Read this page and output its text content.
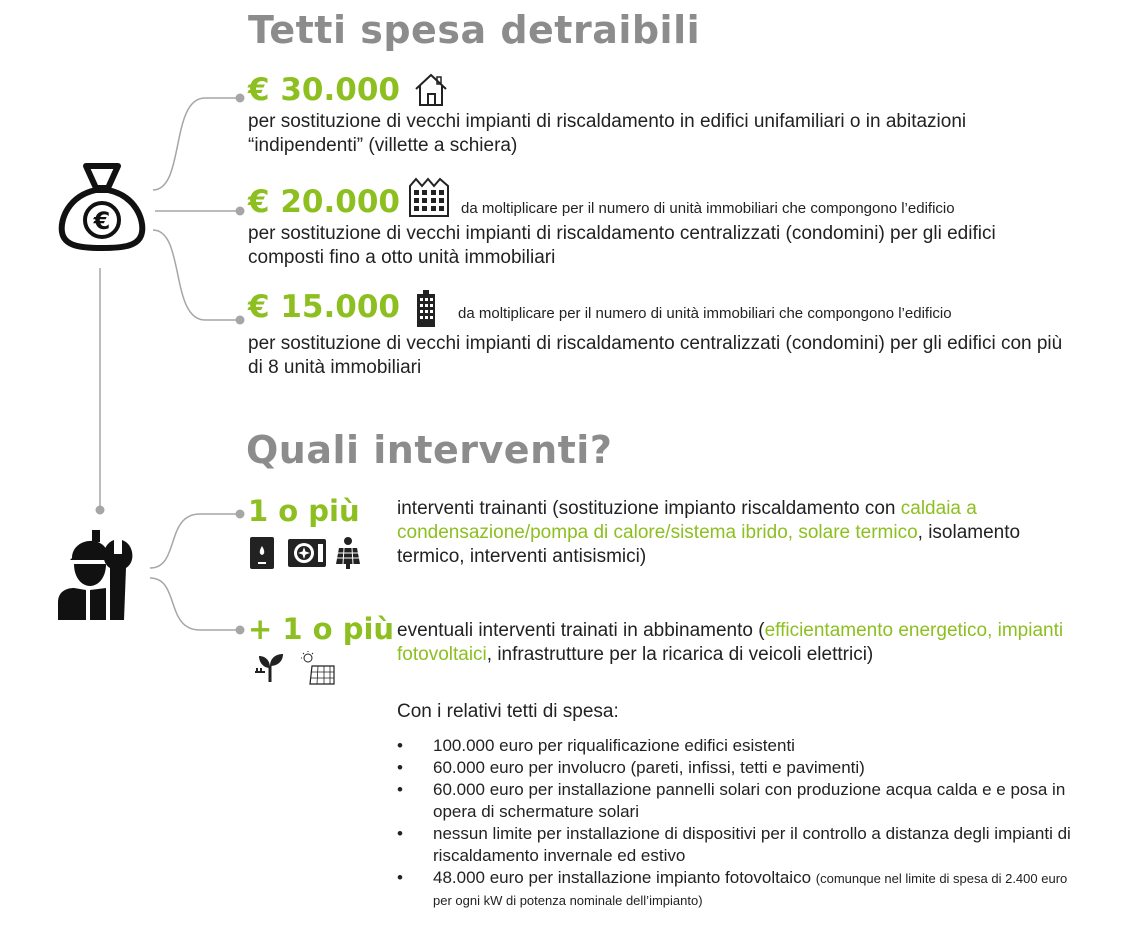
€
Tetti spesa detraibili
€ 30.000
per sostituzione di vecchi impianti di riscaldamento in edifici unifamiliari o in abitazioni “indipendenti” (villette a schiera)
€ 20.000	da moltiplicare per il numero di unità immobiliari che compongono l’edificio
per sostituzione di vecchi impianti di riscaldamento centralizzati (condomini) per gli edifici composti fino a otto unità immobiliari
€ 15.000	da moltiplicare per il numero di unità immobiliari che compongono l’edificio
per sostituzione di vecchi impianti di riscaldamento centralizzati (condomini) per gli edifici con più di 8 unità immobiliari
Quali interventi?
1 o più interventi trainanti (sostituzione impianto riscaldamento con caldaia a condensazione/pompa di calore/sistema ibrido, solare termico, isolamento termico, interventi antisismici)
+ 1 o più eventuali interventi trainati in abbinamento (efficientamento energetico, impianti fotovoltaici, infrastrutture per la ricarica di veicoli elettrici)
Con i relativi tetti di spesa:
• 100.000 euro per riqualificazione edifici esistenti
• 60.000 euro per involucro (pareti, infissi, tetti e pavimenti)
• 60.000 euro per installazione pannelli solari con produzione acqua calda e e posa in opera di schermature solari
• nessun limite per installazione di dispositivi per il controllo a distanza degli impianti di riscaldamento invernale ed estivo
• 48.000 euro per installazione impianto fotovoltaico (comunque nel limite di spesa di 2.400 euro per ogni kW di potenza nominale dell’impianto)
